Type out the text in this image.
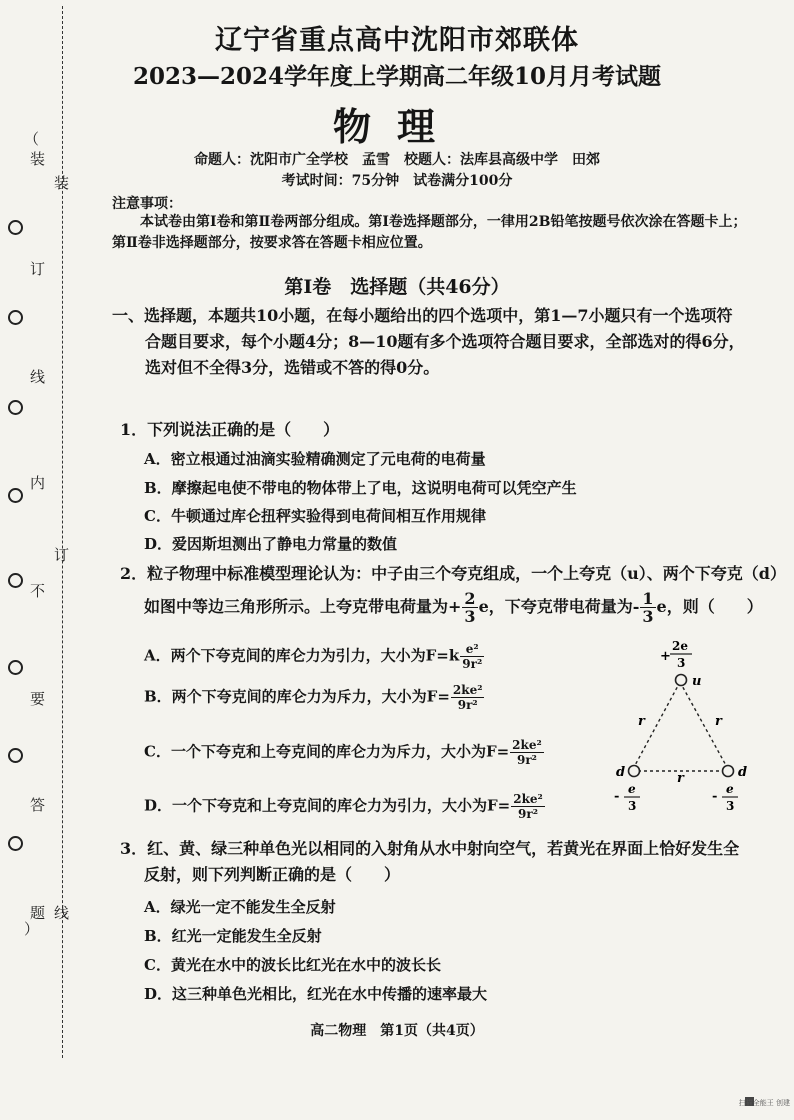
（
）
装
订
线
内
不
要
答
题
装
订
线
辽宁省重点高中沈阳市郊联体
2023—2024学年度上学期高二年级10月月考试题
物理
命题人：沈阳市广全学校　孟雪　校题人：法库县高级中学　田郊
考试时间：75分钟　试卷满分100分
注意事项：
本试卷由第Ⅰ卷和第Ⅱ卷两部分组成。第Ⅰ卷选择题部分，一律用2B铅笔按题号依次涂在答题卡上；第Ⅱ卷非选择题部分，按要求答在答题卡相应位置。
第Ⅰ卷　选择题（共46分）
一、选择题，本题共10小题，在每小题给出的四个选项中，第1—7小题只有一个选项符
合题目要求，每个小题4分；8—10题有多个选项符合题目要求，全部选对的得6分，
选对但不全得3分，选错或不答的得0分。
1．下列说法正确的是（　　）
A．密立根通过油滴实验精确测定了元电荷的电荷量
B．摩擦起电使不带电的物体带上了电，这说明电荷可以凭空产生
C．牛顿通过库仑扭秤实验得到电荷间相互作用规律
D．爱因斯坦测出了静电力常量的数值
2．粒子物理中标准模型理论认为：中子由三个夸克组成，一个上夸克（u）、两个下夸克（d）
如图中等边三角形所示。上夸克带电荷量为+ $\frac{2}{3}$ e，下夸克带电荷量为- $\frac{1}{3}$ e，则（　　）
A．两个下夸克间的库仑力为引力，大小为$F=k \frac{\text{e²}}{\text{9r²}}$
B．两个下夸克间的库仑力为斥力，大小为$F= \frac{\text{2ke²}}{\text{9r²}}$
C．一个下夸克和上夸克间的库仑力为斥力，大小为$F= \frac{\text{2ke²}}{\text{9r²}}$
D．一个下夸克和上夸克间的库仑力为引力，大小为$F= \frac{\text{2ke²}}{\text{9r²}}$
2e
+ 3
u
r	r
r
d	d
- e
3
- e
3
3．红、黄、绿三种单色光以相同的入射角从水中射向空气，若黄光在界面上恰好发生全
反射，则下列判断正确的是（　　）
A．绿光一定不能发生全反射
B．红光一定能发生全反射
C．黄光在水中的波长比红光在水中的波长长
D．这三种单色光相比，红光在水中传播的速率最大
高二物理　第1页（共4页）
扫描全能王 创建
